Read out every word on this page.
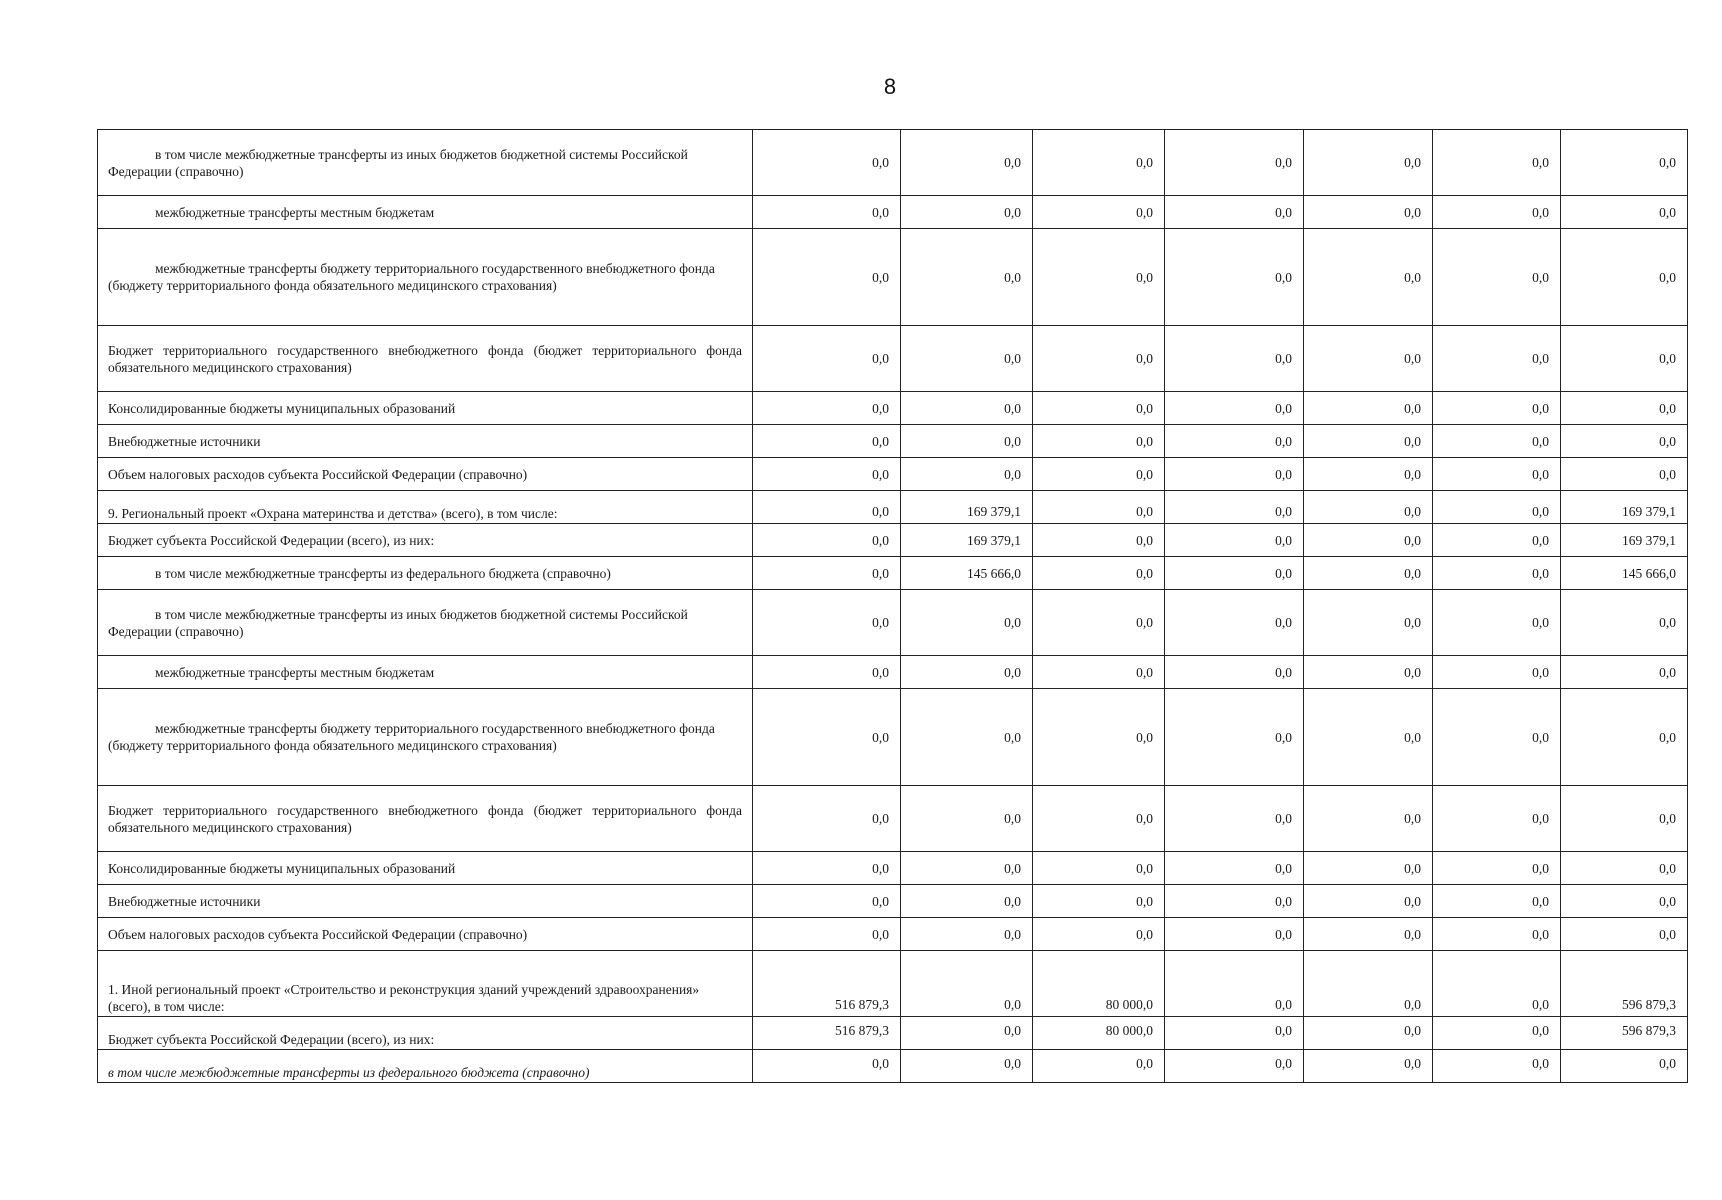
8
в том числе межбюджетные трансферты из иных бюджетов бюджетной системы Российской Федерации (справочно)	0,0	0,0	0,0	0,0	0,0	0,0	0,0

межбюджетные трансферты местным бюджетам	0,0	0,0	0,0	0,0	0,0	0,0	0,0

межбюджетные трансферты бюджету территориального государственного внебюджетного фонда (бюджету территориального фонда обязательного медицинского страхования)	0,0	0,0	0,0	0,0	0,0	0,0	0,0

Бюджет территориального государственного внебюджетного фонда (бюджет территориального фонда обязательного медицинского страхования)	0,0	0,0	0,0	0,0	0,0	0,0	0,0

Консолидированные бюджеты муниципальных образований	0,0	0,0	0,0	0,0	0,0	0,0	0,0

Внебюджетные источники	0,0	0,0	0,0	0,0	0,0	0,0	0,0

Объем налоговых расходов субъекта Российской Федерации (справочно)	0,0	0,0	0,0	0,0	0,0	0,0	0,0

9. Региональный проект «Охрана материнства и детства» (всего), в том числе:	0,0	169 379,1	0,0	0,0	0,0	0,0	169 379,1

Бюджет субъекта Российской Федерации (всего), из них:	0,0	169 379,1	0,0	0,0	0,0	0,0	169 379,1

в том числе межбюджетные трансферты из федерального бюджета (справочно)	0,0	145 666,0	0,0	0,0	0,0	0,0	145 666,0

в том числе межбюджетные трансферты из иных бюджетов бюджетной системы Российской Федерации (справочно)	0,0	0,0	0,0	0,0	0,0	0,0	0,0

межбюджетные трансферты местным бюджетам	0,0	0,0	0,0	0,0	0,0	0,0	0,0

межбюджетные трансферты бюджету территориального государственного внебюджетного фонда (бюджету территориального фонда обязательного медицинского страхования)	0,0	0,0	0,0	0,0	0,0	0,0	0,0

Бюджет территориального государственного внебюджетного фонда (бюджет территориального фонда обязательного медицинского страхования)	0,0	0,0	0,0	0,0	0,0	0,0	0,0

Консолидированные бюджеты муниципальных образований	0,0	0,0	0,0	0,0	0,0	0,0	0,0

Внебюджетные источники	0,0	0,0	0,0	0,0	0,0	0,0	0,0

Объем налоговых расходов субъекта Российской Федерации (справочно)	0,0	0,0	0,0	0,0	0,0	0,0	0,0

1. Иной региональный проект «Строительство и реконструкция зданий учреждений здравоохранения» (всего), в том числе:	516 879,3	0,0	80 000,0	0,0	0,0	0,0	596 879,3

Бюджет субъекта Российской Федерации (всего), из них:	516 879,3	0,0	80 000,0	0,0	0,0	0,0	596 879,3

в том числе межбюджетные трансферты из федерального бюджета (справочно)	0,0	0,0	0,0	0,0	0,0	0,0	0,0
